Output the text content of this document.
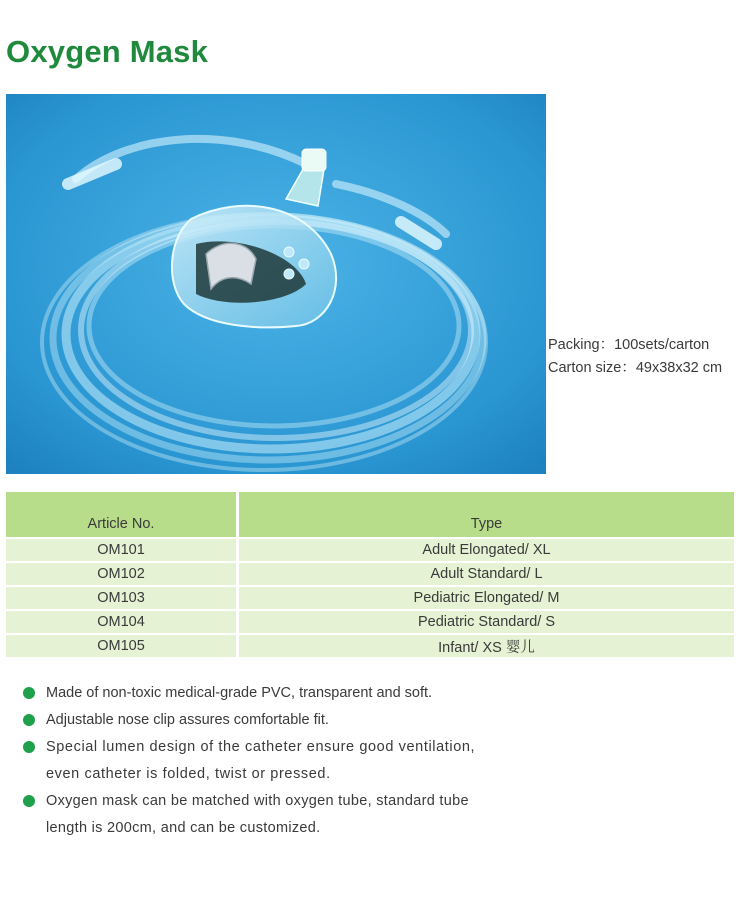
Oxygen Mask
Packing：100sets/carton
Carton size：49x38x32 cm
Article No.	Type
OM101	Adult Elongated/ XL
OM102	Adult Standard/ L
OM103	Pediatric Elongated/ M
OM104	Pediatric Standard/ S
OM105	Infant/ XS 婴儿
Made of non-toxic medical-grade PVC, transparent and soft.
Adjustable nose clip assures comfortable fit.
Special lumen design of the catheter ensure good ventilation, even catheter is folded, twist or pressed.
Oxygen mask can be matched with oxygen tube, standard tube length is 200cm, and can be customized.
